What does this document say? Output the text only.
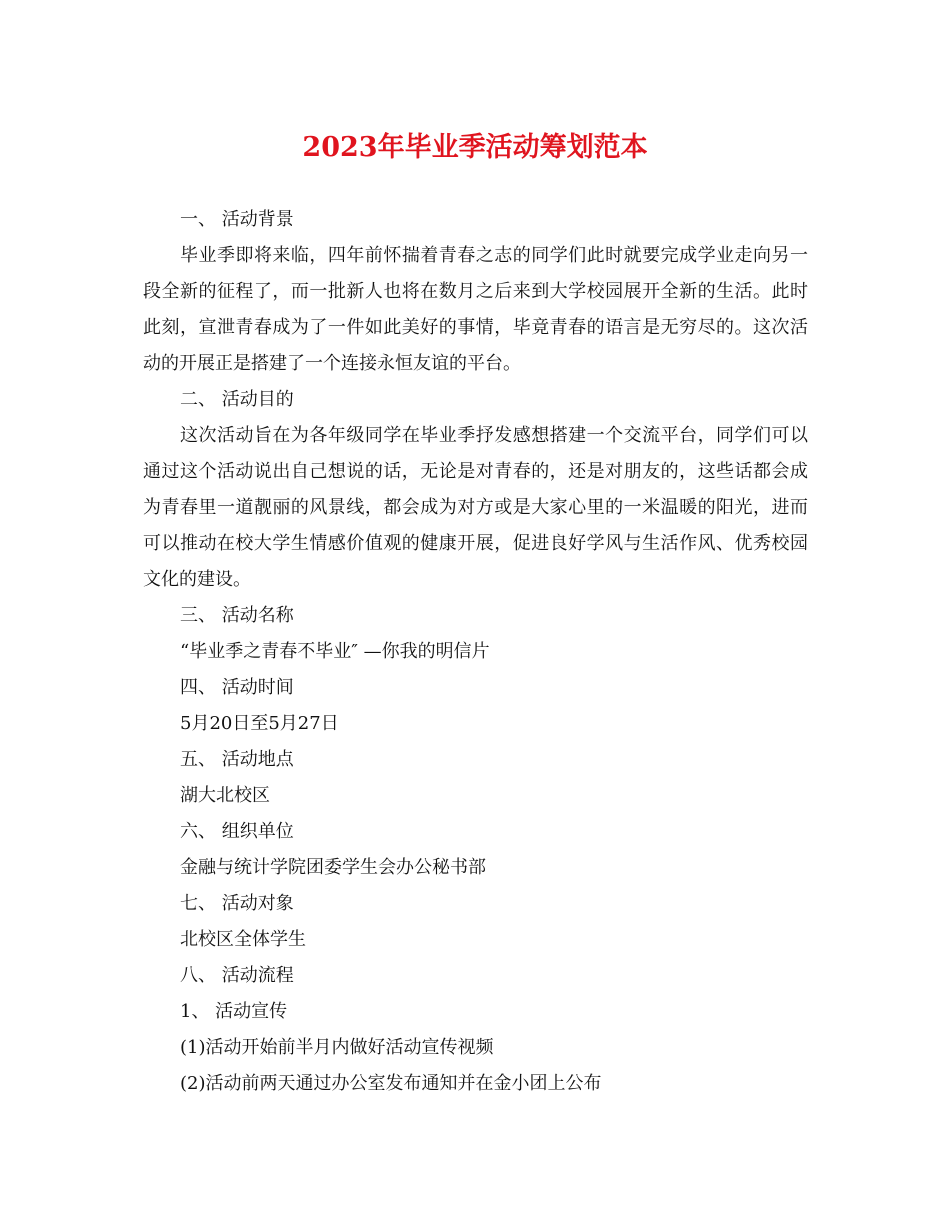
2023年毕业季活动筹划范本
一、 活动背景

毕业季即将来临，四年前怀揣着青春之志的同学们此时就要完成学业走向另一段全新的征程了，而一批新人也将在数月之后来到大学校园展开全新的生活。此时此刻，宣泄青春成为了一件如此美好的事情，毕竟青春的语言是无穷尽的。这次活动的开展正是搭建了一个连接永恒友谊的平台。

二、 活动目的

这次活动旨在为各年级同学在毕业季抒发感想搭建一个交流平台，同学们可以通过这个活动说出自己想说的话，无论是对青春的，还是对朋友的，这些话都会成为青春里一道靓丽的风景线，都会成为对方或是大家心里的一米温暖的阳光，进而可以推动在校大学生情感价值观的健康开展，促进良好学风与生活作风、优秀校园文化的建设。

三、 活动名称
“毕业季之青春不毕业″ —你我的明信片
四、 活动时间
5月20日至5月27日
五、 活动地点
湖大北校区
六、 组织单位
金融与统计学院团委学生会办公秘书部
七、 活动对象
北校区全体学生
八、 活动流程
1、 活动宣传
(1)活动开始前半月内做好活动宣传视频
(2)活动前两天通过办公室发布通知并在金小团上公布
